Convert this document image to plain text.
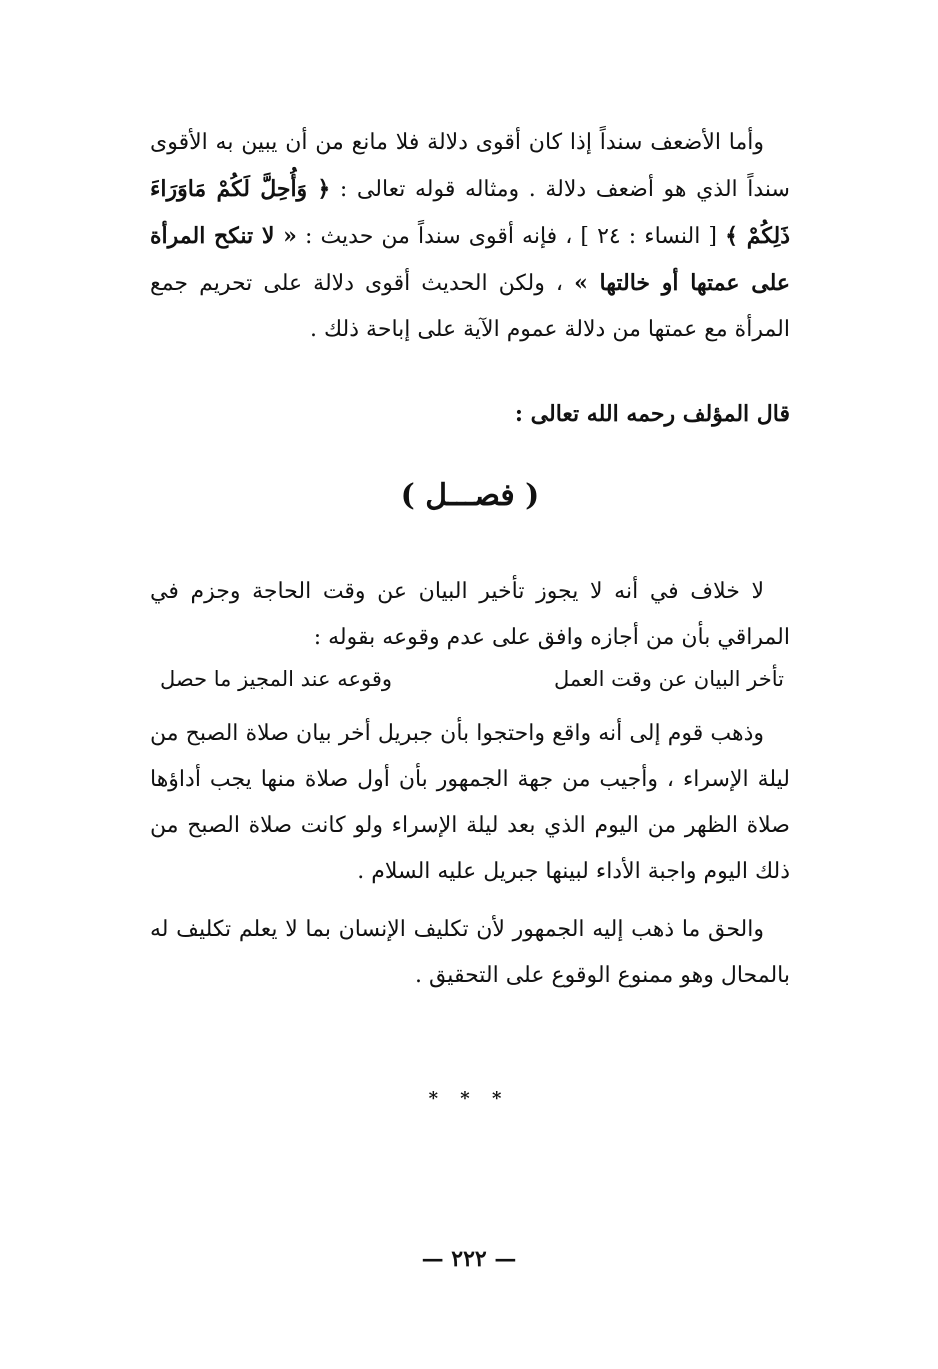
وأما الأضعف سنداً إذا كان أقوى دلالة فلا مانع من أن يبين به الأقوى سنداً الذي هو أضعف دلالة . ومثاله قوله تعالى : ﴿ وَأُحِلَّ لَكُمْ مَاوَرَاءَ ذَلِكُمْ ﴾ [ النساء : ٢٤ ] ، فإنه أقوى سنداً من حديث : « لا تنكح المرأة على عمتها أو خالتها » ، ولكن الحديث أقوى دلالة على تحريم جمع المرأة مع عمتها من دلالة عموم الآية على إباحة ذلك .

قال المؤلف رحمه الله تعالى :

( فصـــل )

لا خلاف في أنه لا يجوز تأخير البيان عن وقت الحاجة وجزم في المراقي بأن من أجازه وافق على عدم وقوعه بقوله :

تأخر البيان عن وقت العمل
وقوعه عند المجيز ما حصل

وذهب قوم إلى أنه واقع واحتجوا بأن جبريل أخر بيان صلاة الصبح من ليلة الإسراء ، وأجيب من جهة الجمهور بأن أول صلاة منها يجب أداؤها صلاة الظهر من اليوم الذي بعد ليلة الإسراء ولو كانت صلاة الصبح من ذلك اليوم واجبة الأداء لبينها جبريل عليه السلام .

والحق ما ذهب إليه الجمهور لأن تكليف الإنسان بما لا يعلم تكليف له بالمحال وهو ممنوع الوقوع على التحقيق .

* * *
— ٢٢٢ —
